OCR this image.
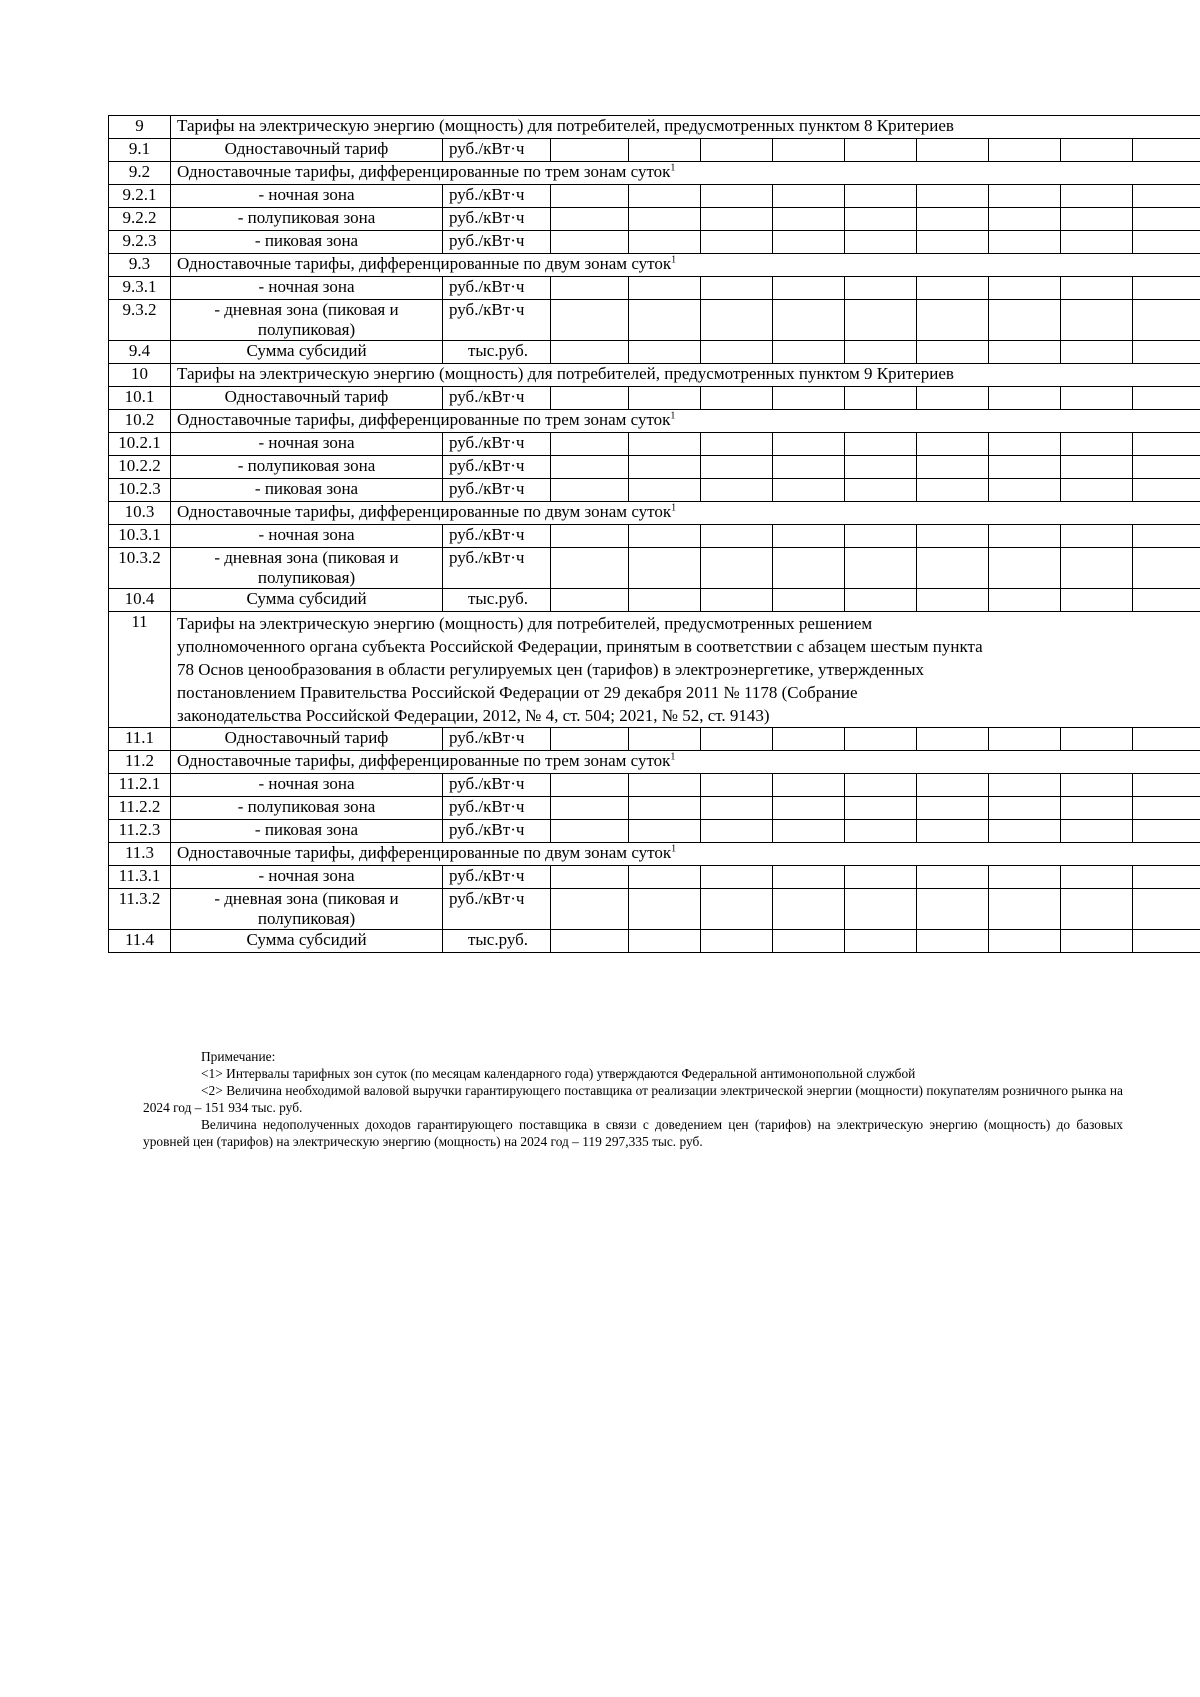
9	Тарифы на электрическую энергию (мощность) для потребителей, предусмотренных пунктом 8 Критериев										
9.1	Одноставочный тариф	руб./кВт·ч									
9.2	Одноставочные тарифы, дифференцированные по трем зонам суток$^1$
9.2.1	- ночная зона	руб./кВт·ч									
9.2.2	- полупиковая зона	руб./кВт·ч									
9.2.3	- пиковая зона	руб./кВт·ч									
9.3	Одноставочные тарифы, дифференцированные по двум зонам суток$^1$
9.3.1	- ночная зона	руб./кВт·ч									
9.3.2	- дневная зона (пиковая и полупиковая)	руб./кВт·ч									
9.4	Сумма субсидий	тыс.руб.									
10	Тарифы на электрическую энергию (мощность) для потребителей, предусмотренных пунктом 9 Критериев										
10.1	Одноставочный тариф	руб./кВт·ч									
10.2	Одноставочные тарифы, дифференцированные по трем зонам суток$^1$
10.2.1	- ночная зона	руб./кВт·ч									
10.2.2	- полупиковая зона	руб./кВт·ч									
10.2.3	- пиковая зона	руб./кВт·ч									
10.3	Одноставочные тарифы, дифференцированные по двум зонам суток$^1$
10.3.1	- ночная зона	руб./кВт·ч									
10.3.2	- дневная зона (пиковая и полупиковая)	руб./кВт·ч									
10.4	Сумма субсидий	тыс.руб.									
11	Тарифы на электрическую энергию (мощность) для потребителей, предусмотренных решением
уполномоченного органа субъекта Российской Федерации, принятым в соответствии с абзацем шестым пункта
78 Основ ценообразования в области регулируемых цен (тарифов) в электроэнергетике, утвержденных
постановлением Правительства Российской Федерации от 29 декабря 2011 № 1178 (Собрание
законодательства Российской Федерации, 2012, № 4, ст. 504; 2021, № 52, ст. 9143)										

11.1	Одноставочный тариф	руб./кВт·ч									
11.2	Одноставочные тарифы, дифференцированные по трем зонам суток$^1$
11.2.1	- ночная зона	руб./кВт·ч									
11.2.2	- полупиковая зона	руб./кВт·ч									
11.2.3	- пиковая зона	руб./кВт·ч									
11.3	Одноставочные тарифы, дифференцированные по двум зонам суток$^1$
11.3.1	- ночная зона	руб./кВт·ч									
11.3.2	- дневная зона (пиковая и полупиковая)	руб./кВт·ч									
11.4	Сумма субсидий	тыс.руб.									

Примечание:

<1> Интервалы тарифных зон суток (по месяцам календарного года) утверждаются Федеральной антимонопольной службой

<2> Величина необходимой валовой выручки гарантирующего поставщика от реализации электрической энергии (мощности) покупателям розничного рынка на 2024 год – 151 934 тыс. руб.

Величина недополученных доходов гарантирующего поставщика в связи с доведением цен (тарифов) на электрическую энергию (мощность) до базовых уровней цен (тарифов) на электрическую энергию (мощность) на 2024 год – 119 297,335 тыс. руб.
